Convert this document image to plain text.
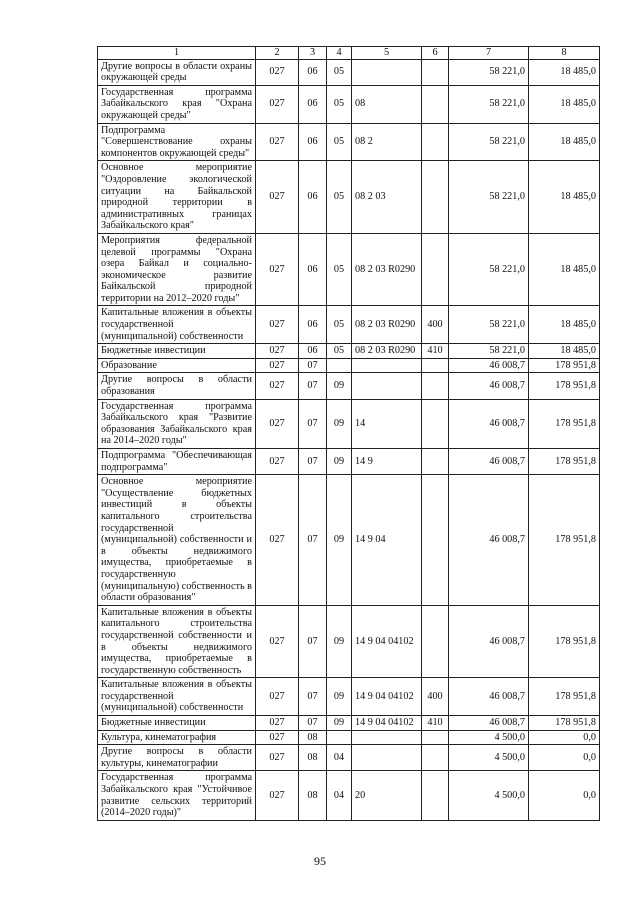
1	2	3	4	5	6	7	8
Другие вопросы в области охраны окружающей среды	027	06	05			58 221,0	18 485,0
Государственная программа Забайкальского края "Охрана окружающей среды"	027	06	05	08		58 221,0	18 485,0
Подпрограмма "Совершенствование охраны компонентов окружающей среды"	027	06	05	08 2		58 221,0	18 485,0
Основное мероприятие "Оздоровление экологической ситуации на Байкальской природной территории в административных границах Забайкальского края"	027	06	05	08 2 03		58 221,0	18 485,0
Мероприятия федеральной целевой программы "Охрана озера Байкал и социально-экономическое развитие Байкальской природной территории на 2012–2020 годы"	027	06	05	08 2 03 R0290		58 221,0	18 485,0
Капитальные вложения в объекты государственной (муниципальной) собственности	027	06	05	08 2 03 R0290	400	58 221,0	18 485,0
Бюджетные инвестиции	027	06	05	08 2 03 R0290	410	58 221,0	18 485,0
Образование	027	07				46 008,7	178 951,8
Другие вопросы в области образования	027	07	09			46 008,7	178 951,8
Государственная программа Забайкальского края "Развитие образования Забайкальского края на 2014–2020 годы"	027	07	09	14		46 008,7	178 951,8
Подпрограмма "Обеспечивающая подпрограмма"	027	07	09	14 9		46 008,7	178 951,8
Основное мероприятие "Осуществление бюджетных инвестиций в объекты капитального строительства государственной (муниципальной) собственности и в объекты недвижимого имущества, приобретаемые в государственную (муниципальную) собственность в области образования"	027	07	09	14 9 04		46 008,7	178 951,8
Капитальные вложения в объекты капитального строительства государственной собственности и в объекты недвижимого имущества, приобретаемые в государственную собственность	027	07	09	14 9 04 04102		46 008,7	178 951,8
Капитальные вложения в объекты государственной (муниципальной) собственности	027	07	09	14 9 04 04102	400	46 008,7	178 951,8
Бюджетные инвестиции	027	07	09	14 9 04 04102	410	46 008,7	178 951,8
Культура, кинематография	027	08				4 500,0	0,0
Другие вопросы в области культуры, кинематографии	027	08	04			4 500,0	0,0
Государственная программа Забайкальского края "Устойчивое развитие сельских территорий (2014–2020 годы)"	027	08	04	20		4 500,0	0,0
95
